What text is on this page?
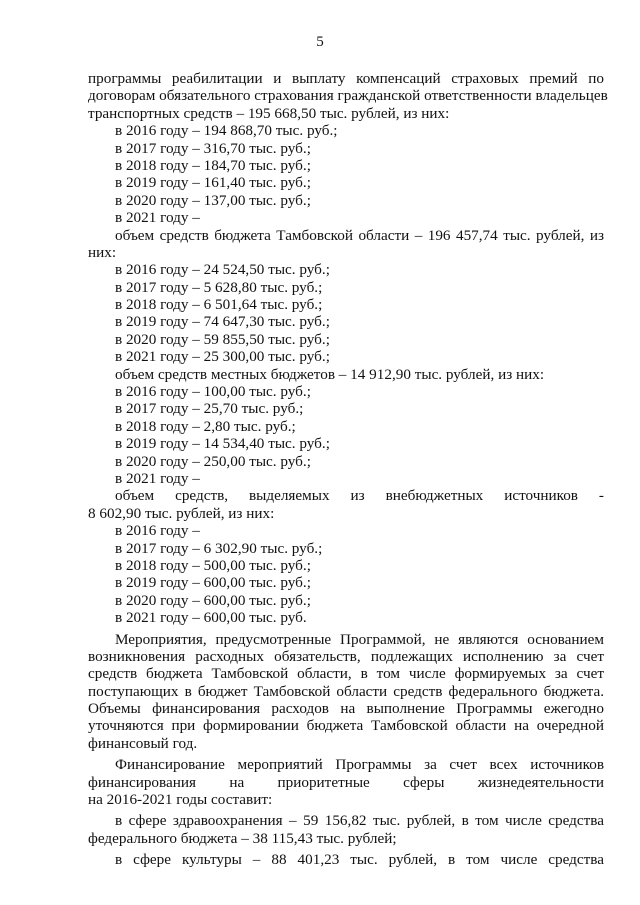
5
программы реабилитации и выплату компенсаций страховых премий по
договорам обязательного страхования гражданской ответственности владельцев
транспортных средств – 195 668,50 тыс. рублей, из них:
в 2016 году – 194 868,70 тыс. руб.;
в 2017 году – 316,70 тыс. руб.;
в 2018 году – 184,70 тыс. руб.;
в 2019 году – 161,40 тыс. руб.;
в 2020 году – 137,00 тыс. руб.;
в 2021 году –
объем средств бюджета Тамбовской области – 196 457,74 тыс. рублей, из
них:
в 2016 году – 24 524,50 тыс. руб.;
в 2017 году – 5 628,80 тыс. руб.;
в 2018 году – 6 501,64 тыс. руб.;
в 2019 году – 74 647,30 тыс. руб.;
в 2020 году – 59 855,50 тыс. руб.;
в 2021 году – 25 300,00 тыс. руб.;
объем средств местных бюджетов – 14 912,90 тыс. рублей, из них:
в 2016 году – 100,00 тыс. руб.;
в 2017 году – 25,70 тыс. руб.;
в 2018 году – 2,80 тыс. руб.;
в 2019 году – 14 534,40 тыс. руб.;
в 2020 году – 250,00 тыс. руб.;
в 2021 году –
объем средств, выделяемых из внебюджетных источников -
8 602,90 тыс. рублей, из них:
в 2016 году –
в 2017 году – 6 302,90 тыс. руб.;
в 2018 году – 500,00 тыс. руб.;
в 2019 году – 600,00 тыс. руб.;
в 2020 году – 600,00 тыс. руб.;
в 2021 году – 600,00 тыс. руб.
Мероприятия, предусмотренные Программой, не являются основанием
возникновения расходных обязательств, подлежащих исполнению за счет
средств бюджета Тамбовской области, в том числе формируемых за счет
поступающих в бюджет Тамбовской области средств федерального бюджета.
Объемы финансирования расходов на выполнение Программы ежегодно
уточняются при формировании бюджета Тамбовской области на очередной
финансовый год.
Финансирование мероприятий Программы за счет всех источников
финансирования на приоритетные сферы жизнедеятельности
на 2016-2021 годы составит:
в сфере здравоохранения – 59 156,82 тыс. рублей, в том числе средства
федерального бюджета – 38 115,43 тыс. рублей;
в сфере культуры – 88 401,23 тыс. рублей, в том числе средства
